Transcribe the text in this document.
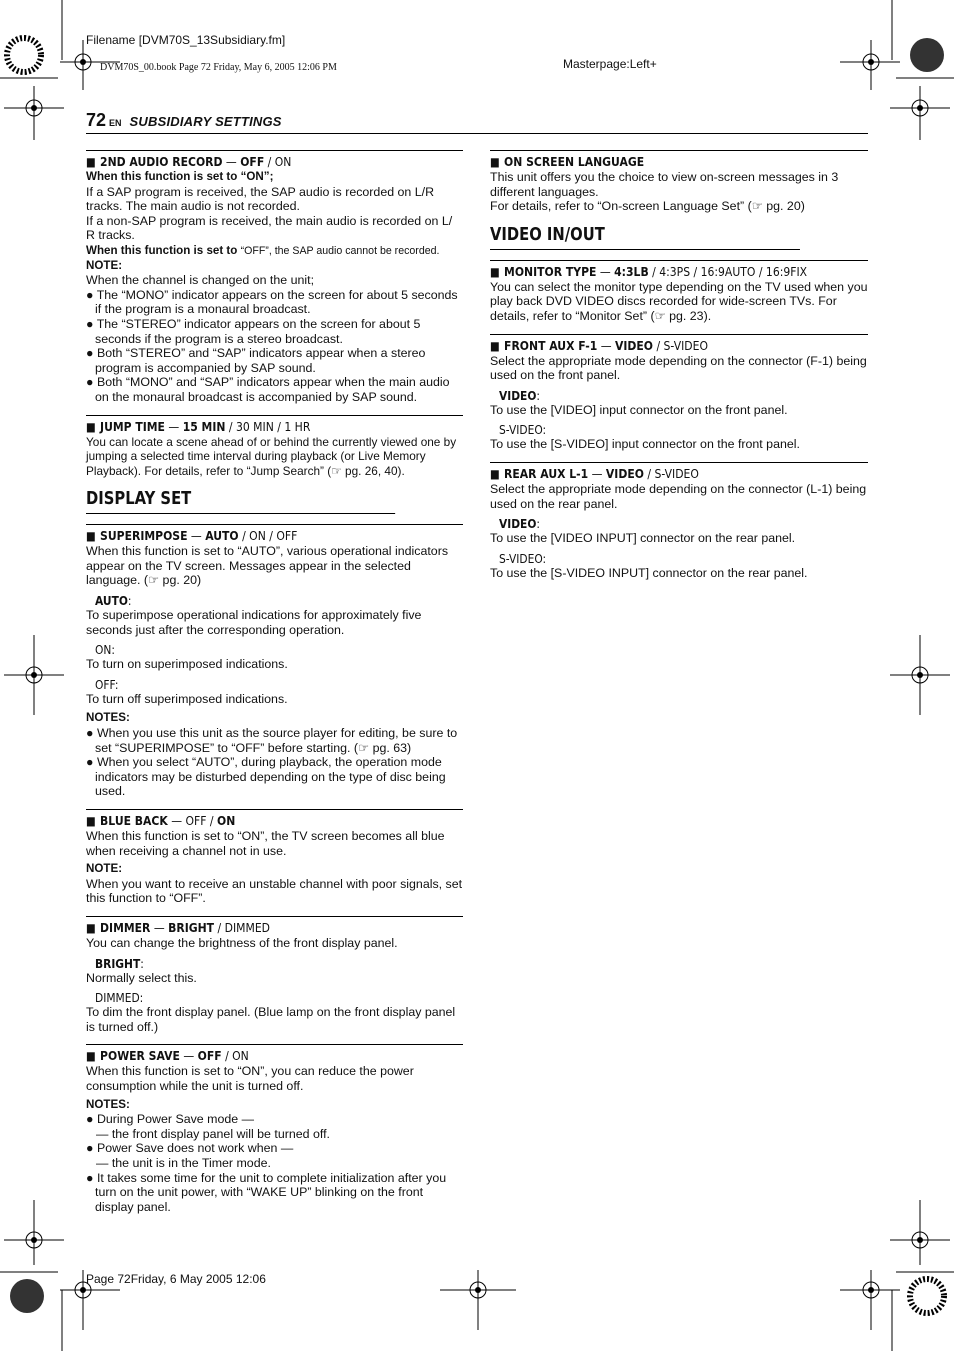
Filename [DVM70S_13Subsidiary.fm]
DVM70S_00.book Page 72 Friday, May 6, 2005 12:06 PM	Masterpage:Left+
Page 72Friday, 6 May 2005 12:06
72 EN SUBSIDIARY SETTINGS
■ 2ND AUDIO RECORD — OFF / ON

When this function is set to “ON”;

If a SAP program is received, the SAP audio is recorded on L/R tracks. The main audio is not recorded.

If a non-SAP program is received, the main audio is recorded on L/ R tracks.

When this function is set to “OFF”, the SAP audio cannot be recorded.

NOTE:

When the channel is changed on the unit;

● The “MONO” indicator appears on the screen for about 5 seconds if the program is a monaural broadcast.

● The “STEREO” indicator appears on the screen for about 5 seconds if the program is a stereo broadcast.

● Both “STEREO” and “SAP” indicators appear when a stereo program is accompanied by SAP sound.

● Both “MONO” and “SAP” indicators appear when the main audio on the monaural broadcast is accompanied by SAP sound.

■ JUMP TIME — 15 MIN / 30 MIN / 1 HR

You can locate a scene ahead of or behind the currently viewed one by jumping a selected time interval during playback (or Live Memory Playback). For details, refer to “Jump Search” (☞ pg. 26, 40).

DISPLAY SET
■ SUPERIMPOSE — AUTO / ON / OFF

When this function is set to “AUTO”, various operational indicators appear on the TV screen. Messages appear in the selected language. (☞ pg. 20)

AUTO:

To superimpose operational indications for approximately five seconds just after the corresponding operation.

ON:

To turn on superimposed indications.

OFF:

To turn off superimposed indications.

NOTES:

● When you use this unit as the source player for editing, be sure to set “SUPERIMPOSE” to “OFF” before starting. (☞ pg. 63)

● When you select “AUTO”, during playback, the operation mode indicators may be disturbed depending on the type of disc being used.

■ BLUE BACK — OFF / ON

When this function is set to “ON”, the TV screen becomes all blue when receiving a channel not in use.

NOTE:

When you want to receive an unstable channel with poor signals, set this function to “OFF”.

■ DIMMER — BRIGHT / DIMMED

You can change the brightness of the front display panel.

BRIGHT:

Normally select this.

DIMMED:

To dim the front display panel. (Blue lamp on the front display panel is turned off.)

■ POWER SAVE — OFF / ON

When this function is set to “ON”, you can reduce the power consumption while the unit is turned off.

NOTES:

● During Power Save mode —

— the front display panel will be turned off.

● Power Save does not work when —

— the unit is in the Timer mode.

● It takes some time for the unit to complete initialization after you turn on the unit power, with “WAKE UP” blinking on the front display panel.

■ ON SCREEN LANGUAGE

This unit offers you the choice to view on-screen messages in 3 different languages.

For details, refer to “On-screen Language Set” (☞ pg. 20)

VIDEO IN/OUT
■ MONITOR TYPE — 4:3LB / 4:3PS / 16:9AUTO / 16:9FIX

You can select the monitor type depending on the TV used when you play back DVD VIDEO discs recorded for wide-screen TVs. For details, refer to “Monitor Set” (☞ pg. 23).

■ FRONT AUX F-1 — VIDEO / S-VIDEO

Select the appropriate mode depending on the connector (F-1) being used on the front panel.

VIDEO:

To use the [VIDEO] input connector on the front panel.

S-VIDEO:

To use the [S-VIDEO] input connector on the front panel.

■ REAR AUX L-1 — VIDEO / S-VIDEO

Select the appropriate mode depending on the connector (L-1) being used on the rear panel.

VIDEO:

To use the [VIDEO INPUT] connector on the rear panel.

S-VIDEO:

To use the [S-VIDEO INPUT] connector on the rear panel.
